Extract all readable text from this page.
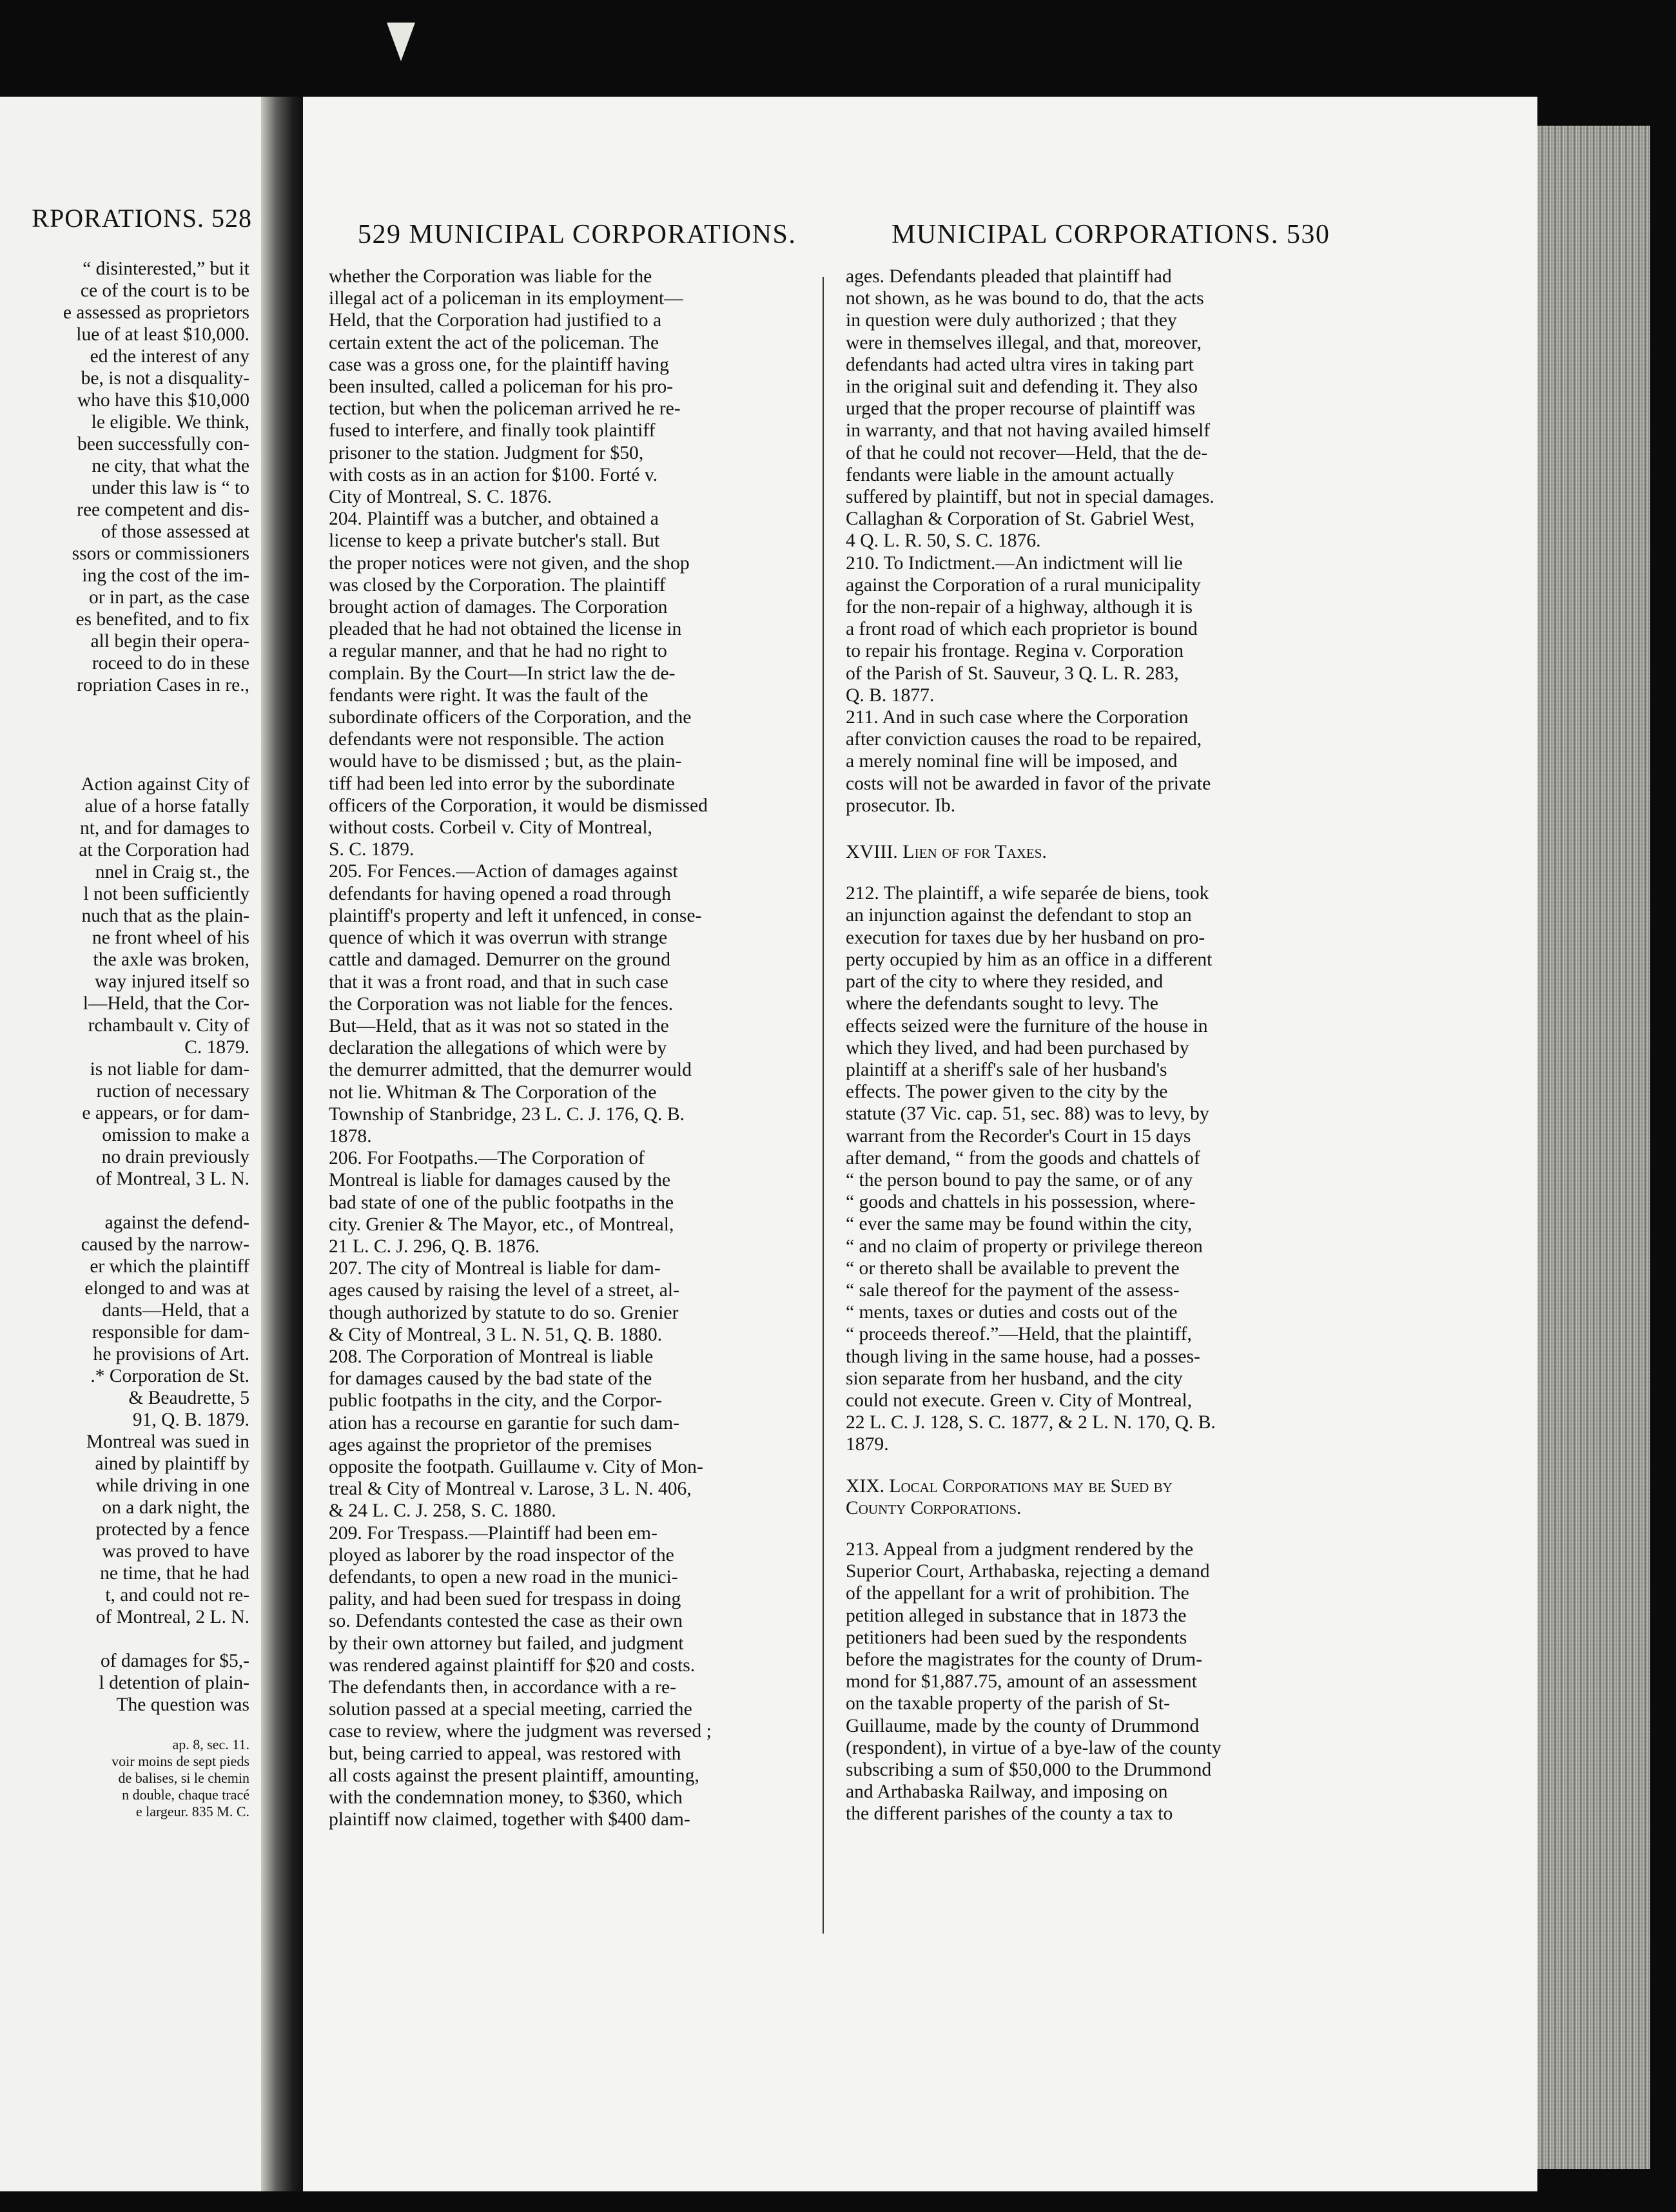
RPORATIONS. 528

“ disinterested,” but it

ce of the court is to be

e assessed as proprietors

lue of at least $10,000.

ed the interest of any

be, is not a disquality-

who have this $10,000

le eligible. We think,

been successfully con-

ne city, that what the

under this law is “ to

ree competent and dis-

of those assessed at

ssors or commissioners

ing the cost of the im-

or in part, as the case

es benefited, and to fix

all begin their opera-

roceed to do in these

ropriation Cases in re.,

Action against City of

alue of a horse fatally

nt, and for damages to

at the Corporation had

nnel in Craig st., the

l not been sufficiently

nuch that as the plain-

ne front wheel of his

the axle was broken,

way injured itself so

l—Held, that the Cor-

rchambault v. City of

C. 1879.

is not liable for dam-

ruction of necessary

e appears, or for dam-

omission to make a

no drain previously

of Montreal, 3 L. N.

against the defend-

caused by the narrow-

er which the plaintiff

elonged to and was at

dants—Held, that a

responsible for dam-

he provisions of Art.

.* Corporation de St.

& Beaudrette, 5

91, Q. B. 1879.

Montreal was sued in

ained by plaintiff by

while driving in one

on a dark night, the

protected by a fence

was proved to have

ne time, that he had

t, and could not re-

of Montreal, 2 L. N.

of damages for $5,-

l detention of plain-

The question was

ap. 8, sec. 11.

voir moins de sept pieds

de balises, si le chemin

n double, chaque tracé

e largeur. 835 M. C.

529 MUNICIPAL CORPORATIONS.	MUNICIPAL CORPORATIONS. 530

whether the Corporation was liable for the

illegal act of a policeman in its employment—

Held, that the Corporation had justified to a

certain extent the act of the policeman. The

case was a gross one, for the plaintiff having

been insulted, called a policeman for his pro-

tection, but when the policeman arrived he re-

fused to interfere, and finally took plaintiff

prisoner to the station. Judgment for $50,

with costs as in an action for $100. Forté v.

City of Montreal, S. C. 1876.

204. Plaintiff was a butcher, and obtained a

license to keep a private butcher's stall. But

the proper notices were not given, and the shop

was closed by the Corporation. The plaintiff

brought action of damages. The Corporation

pleaded that he had not obtained the license in

a regular manner, and that he had no right to

complain. By the Court—In strict law the de-

fendants were right. It was the fault of the

subordinate officers of the Corporation, and the

defendants were not responsible. The action

would have to be dismissed ; but, as the plain-

tiff had been led into error by the subordinate

officers of the Corporation, it would be dismissed

without costs. Corbeil v. City of Montreal,

S. C. 1879.

205. For Fences.—Action of damages against

defendants for having opened a road through

plaintiff's property and left it unfenced, in conse-

quence of which it was overrun with strange

cattle and damaged. Demurrer on the ground

that it was a front road, and that in such case

the Corporation was not liable for the fences.

But—Held, that as it was not so stated in the

declaration the allegations of which were by

the demurrer admitted, that the demurrer would

not lie. Whitman & The Corporation of the

Township of Stanbridge, 23 L. C. J. 176, Q. B.

1878.

206. For Footpaths.—The Corporation of

Montreal is liable for damages caused by the

bad state of one of the public footpaths in the

city. Grenier & The Mayor, etc., of Montreal,

21 L. C. J. 296, Q. B. 1876.

207. The city of Montreal is liable for dam-

ages caused by raising the level of a street, al-

though authorized by statute to do so. Grenier

& City of Montreal, 3 L. N. 51, Q. B. 1880.

208. The Corporation of Montreal is liable

for damages caused by the bad state of the

public footpaths in the city, and the Corpor-

ation has a recourse en garantie for such dam-

ages against the proprietor of the premises

opposite the footpath. Guillaume v. City of Mon-

treal & City of Montreal v. Larose, 3 L. N. 406,

& 24 L. C. J. 258, S. C. 1880.

209. For Trespass.—Plaintiff had been em-

ployed as laborer by the road inspector of the

defendants, to open a new road in the munici-

pality, and had been sued for trespass in doing

so. Defendants contested the case as their own

by their own attorney but failed, and judgment

was rendered against plaintiff for $20 and costs.

The defendants then, in accordance with a re-

solution passed at a special meeting, carried the

case to review, where the judgment was reversed ;

but, being carried to appeal, was restored with

all costs against the present plaintiff, amounting,

with the condemnation money, to $360, which

plaintiff now claimed, together with $400 dam-

ages. Defendants pleaded that plaintiff had

not shown, as he was bound to do, that the acts

in question were duly authorized ; that they

were in themselves illegal, and that, moreover,

defendants had acted ultra vires in taking part

in the original suit and defending it. They also

urged that the proper recourse of plaintiff was

in warranty, and that not having availed himself

of that he could not recover—Held, that the de-

fendants were liable in the amount actually

suffered by plaintiff, but not in special damages.

Callaghan & Corporation of St. Gabriel West,

4 Q. L. R. 50, S. C. 1876.

210. To Indictment.—An indictment will lie

against the Corporation of a rural municipality

for the non-repair of a highway, although it is

a front road of which each proprietor is bound

to repair his frontage. Regina v. Corporation

of the Parish of St. Sauveur, 3 Q. L. R. 283,

Q. B. 1877.

211. And in such case where the Corporation

after conviction causes the road to be repaired,

a merely nominal fine will be imposed, and

costs will not be awarded in favor of the private

prosecutor. Ib.

XVIII. Lien of for Taxes.

212. The plaintiff, a wife separée de biens, took

an injunction against the defendant to stop an

execution for taxes due by her husband on pro-

perty occupied by him as an office in a different

part of the city to where they resided, and

where the defendants sought to levy. The

effects seized were the furniture of the house in

which they lived, and had been purchased by

plaintiff at a sheriff's sale of her husband's

effects. The power given to the city by the

statute (37 Vic. cap. 51, sec. 88) was to levy, by

warrant from the Recorder's Court in 15 days

after demand, “ from the goods and chattels of

“ the person bound to pay the same, or of any

“ goods and chattels in his possession, where-

“ ever the same may be found within the city,

“ and no claim of property or privilege thereon

“ or thereto shall be available to prevent the

“ sale thereof for the payment of the assess-

“ ments, taxes or duties and costs out of the

“ proceeds thereof.”—Held, that the plaintiff,

though living in the same house, had a posses-

sion separate from her husband, and the city

could not execute. Green v. City of Montreal,

22 L. C. J. 128, S. C. 1877, & 2 L. N. 170, Q. B.

1879.

XIX. Local Corporations may be Sued by

County Corporations.

213. Appeal from a judgment rendered by the

Superior Court, Arthabaska, rejecting a demand

of the appellant for a writ of prohibition. The

petition alleged in substance that in 1873 the

petitioners had been sued by the respondents

before the magistrates for the county of Drum-

mond for $1,887.75, amount of an assessment

on the taxable property of the parish of St-

Guillaume, made by the county of Drummond

(respondent), in virtue of a bye-law of the county

subscribing a sum of $50,000 to the Drummond

and Arthabaska Railway, and imposing on

the different parishes of the county a tax to
